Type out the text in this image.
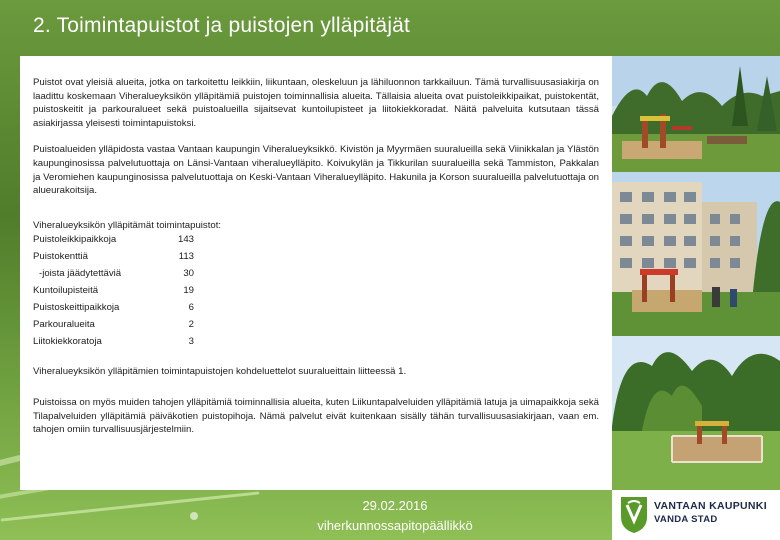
2. Toimintapuistot ja puistojen ylläpitäjät

Puistot ovat yleisiä alueita, jotka on tarkoitettu leikkiin, liikuntaan, oleskeluun ja lähiluonnon tarkkailuun. Tämä turvallisuusasiakirja on laadittu koskemaan Viheralueyksikön ylläpitämiä puistojen toiminnallisia alueita. Tällaisia alueita ovat puistoleikkipaikat, puistokentät, puistoskeitit ja parkouralueet sekä puistoalueilla sijaitsevat kuntoilupisteet ja liitokiekkoradat. Näitä palveluita kutsutaan tässä asiakirjassa yleisesti toimintapuistoksi.

Puistoalueiden ylläpidosta vastaa Vantaan kaupungin Viheralueyksikkö. Kivistön ja Myyrmäen suuralueilla sekä Viinikkalan ja Ylästön kaupunginosissa palvelutuottaja on Länsi-Vantaan viheralueylläpito. Koivukylän ja Tikkurilan suuralueilla sekä Tammiston, Pakkalan ja Veromiehen kaupunginosissa palvelutuottaja on Keski-Vantaan Viheralueylläpito. Hakunila ja Korson suuralueilla palvelutuottaja on alueurakoitsija.

Viheralueyksikön ylläpitämät toimintapuistot:
Puistoleikkipaikkoja	143
Puistokenttiä	113
-joista jäädytettäviä	30
Kuntoilupisteitä	19
Puistoskeittipaikkoja	6
Parkouralueita	2
Liitokiekkoratoja	3

Viheralueyksikön ylläpitämien toimintapuistojen kohdeluettelot suuralueittain liitteessä 1.

Puistoissa on myös muiden tahojen ylläpitämiä toiminnallisia alueita, kuten Liikuntapalveluiden ylläpitämiä latuja ja uimapaikkoja sekä Tilapalveluiden ylläpitämiä päiväkotien puistopihoja. Nämä palvelut eivät kuitenkaan sisälly tähän turvallisuusasiakirjaan, vaan em. tahojen omiin turvallisuusjärjestelmiin.

29.02.2016
viherkunnossapitopäällikkö
VANTAAN KAUPUNKI
VANDA STAD
